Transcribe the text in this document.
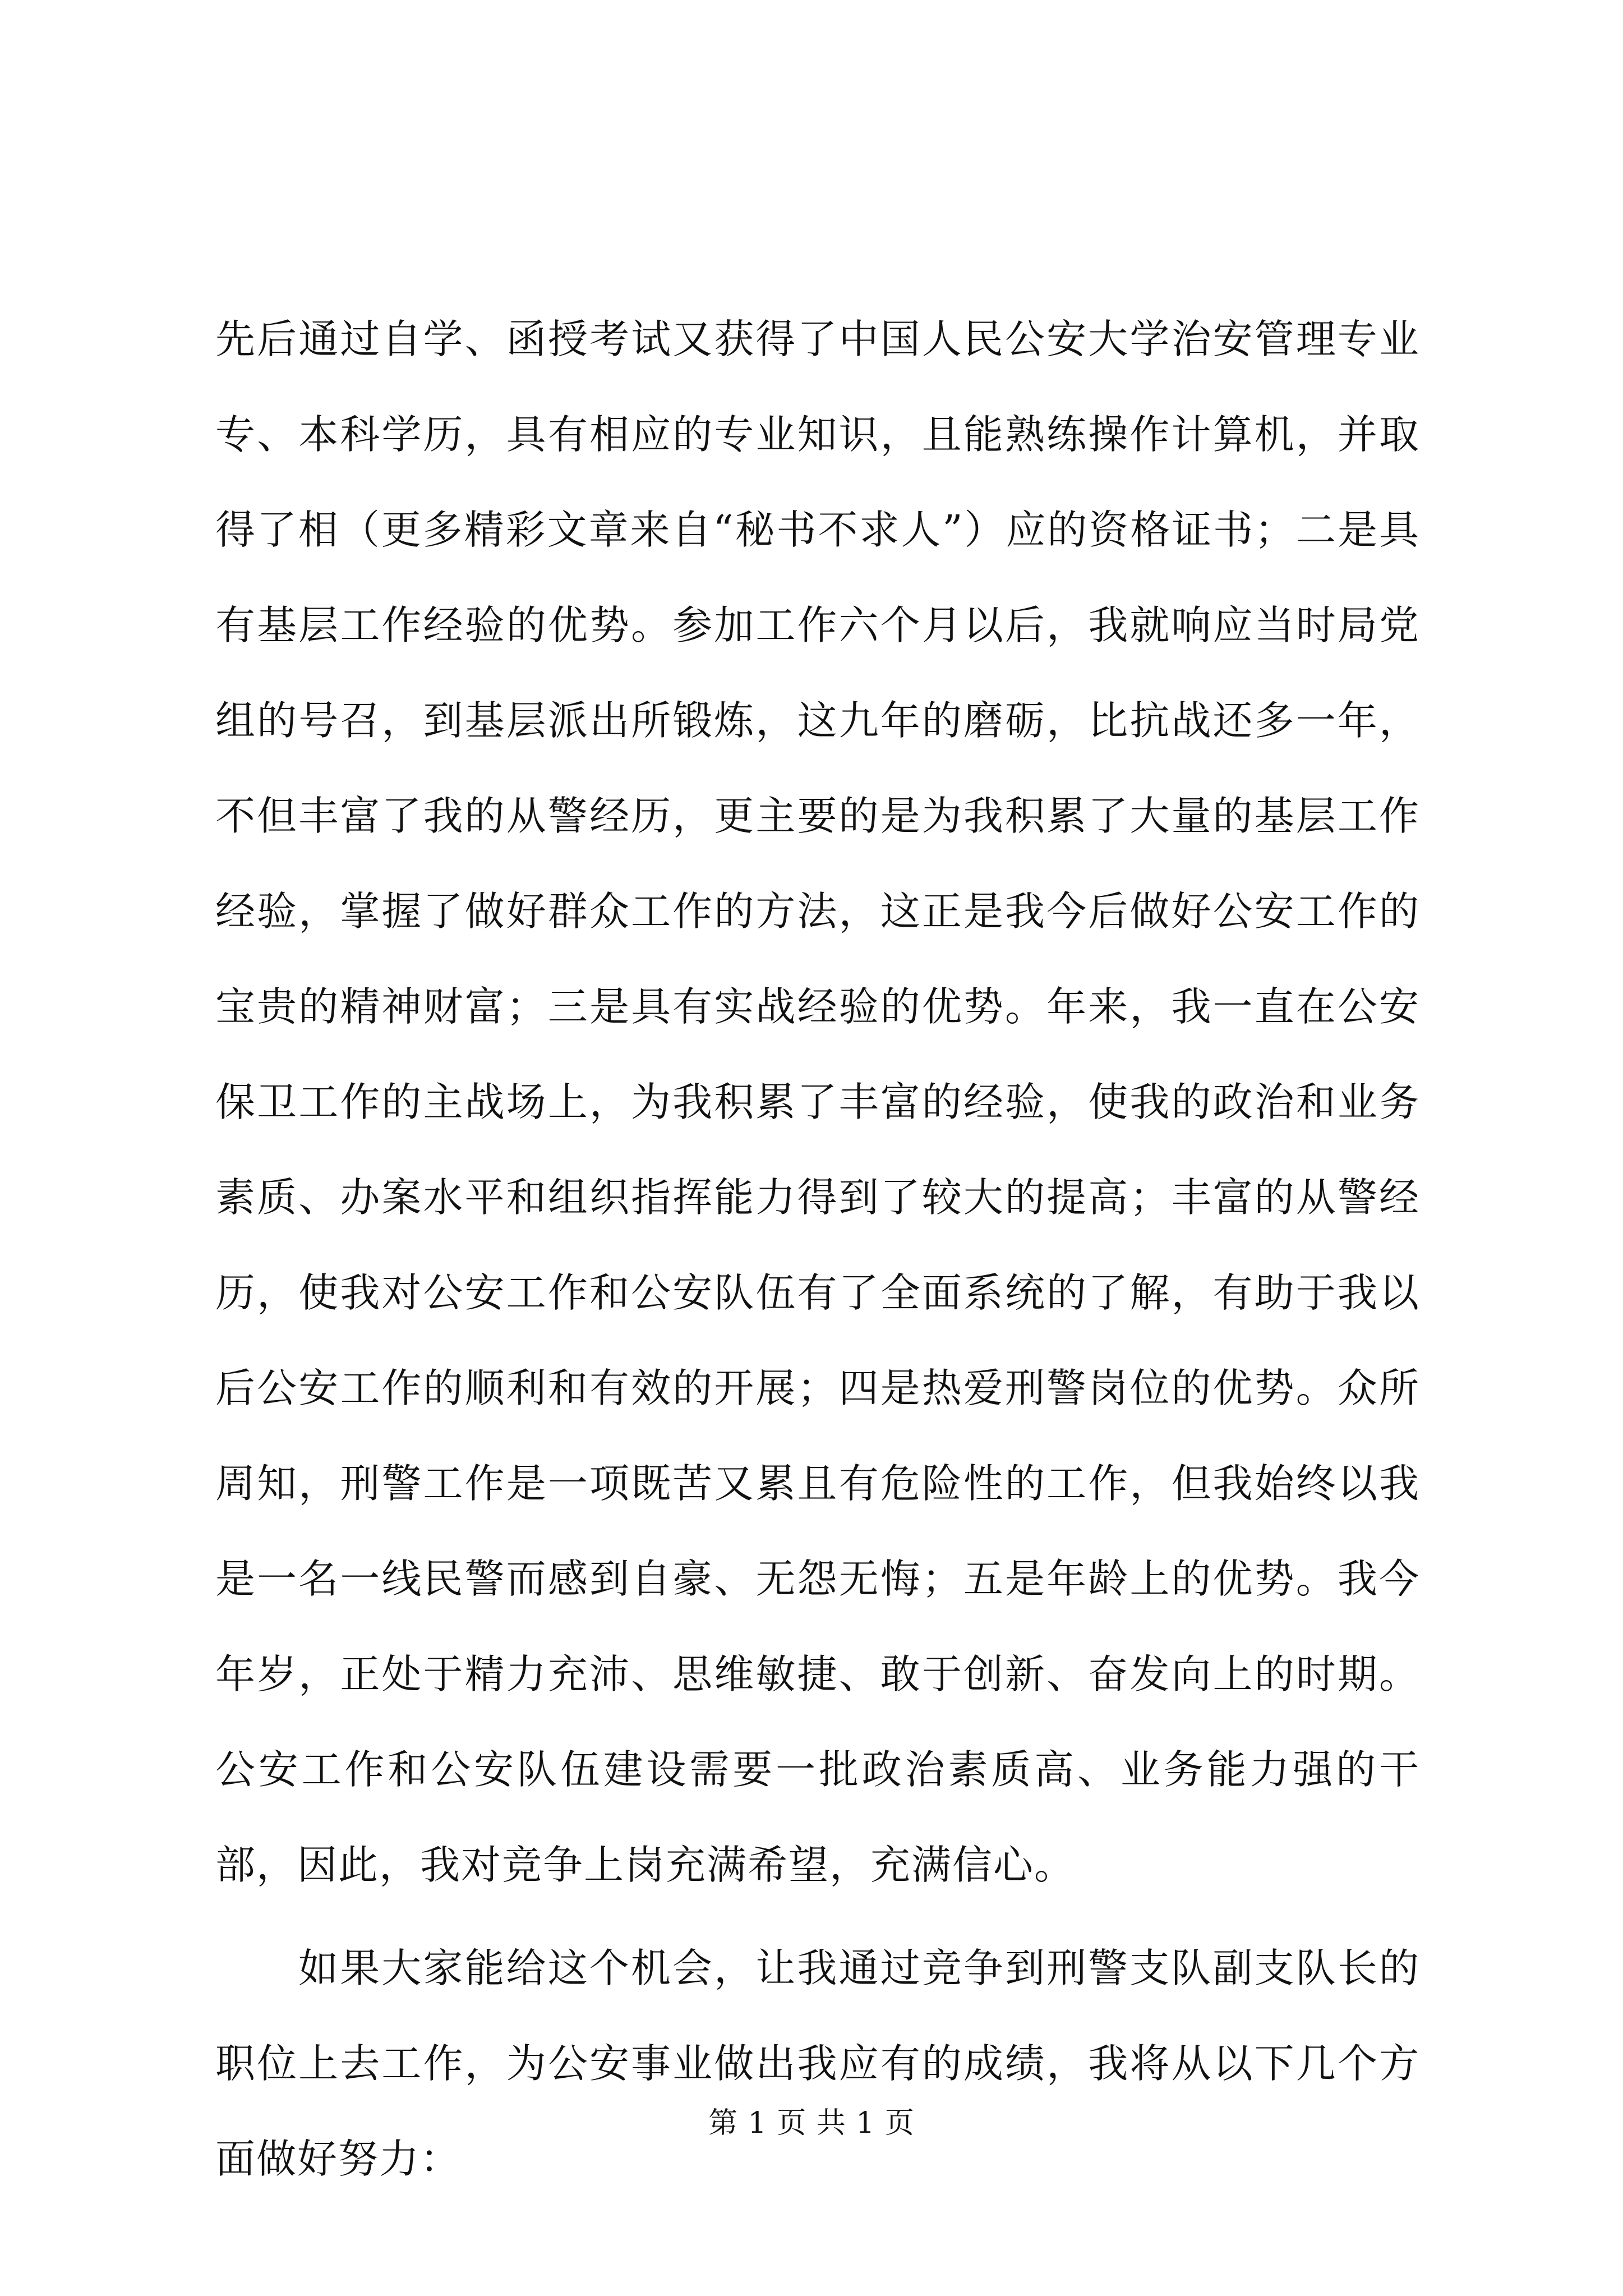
先后通过自学、函授考试又获得了中国人民公安大学治安管理专业专、本科学历，具有相应的专业知识，且能熟练操作计算机，并取得了相（更多精彩文章来自“秘书不求人”）应的资格证书；二是具有基层工作经验的优势。参加工作六个月以后，我就响应当时局党组的号召，到基层派出所锻炼，这九年的磨砺，比抗战还多一年，不但丰富了我的从警经历，更主要的是为我积累了大量的基层工作经验，掌握了做好群众工作的方法，这正是我今后做好公安工作的宝贵的精神财富；三是具有实战经验的优势。年来，我一直在公安保卫工作的主战场上，为我积累了丰富的经验，使我的政治和业务素质、办案水平和组织指挥能力得到了较大的提高；丰富的从警经历，使我对公安工作和公安队伍有了全面系统的了解，有助于我以后公安工作的顺利和有效的开展；四是热爱刑警岗位的优势。众所周知，刑警工作是一项既苦又累且有危险性的工作，但我始终以我是一名一线民警而感到自豪、无怨无悔；五是年龄上的优势。我今年岁，正处于精力充沛、思维敏捷、敢于创新、奋发向上的时期。公安工作和公安队伍建设需要一批政治素质高、业务能力强的干部，因此，我对竞争上岗充满希望，充满信心。

如果大家能给这个机会，让我通过竞争到刑警支队副支队长的职位上去工作，为公安事业做出我应有的成绩，我将从以下几个方面做好努力：

第 1 页 共 1 页
